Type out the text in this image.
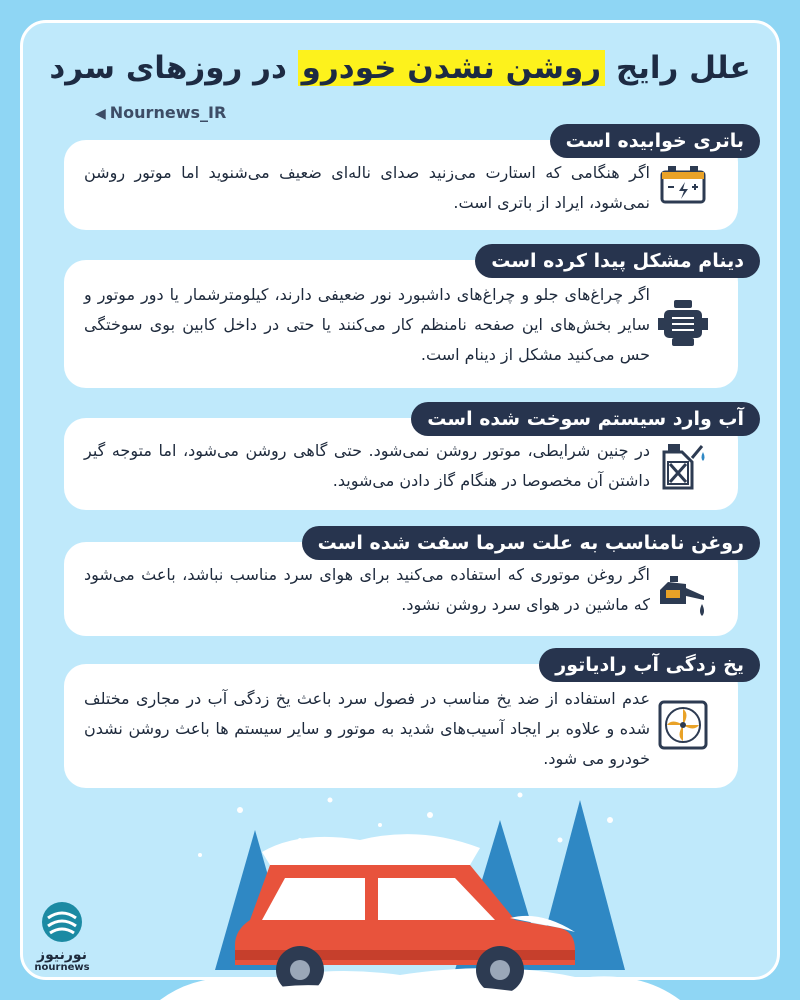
علل رایج روشن نشدن خودرو در روزهای سرد
◀ Nournews_IR
باتری خوابیده است
اگر هنگامی که استارت می‌زنید صدای ناله‌ای ضعیف می‌شنوید اما موتور روشن نمی‌شود، ایراد از باتری است.
دینام مشکل پیدا کرده است
اگر چراغ‌های جلو و چراغ‌های داشبورد نور ضعیفی دارند، کیلومترشمار یا دور موتور و سایر بخش‌های این صفحه نامنظم کار می‌کنند یا حتی در داخل کابین بوی سوختگی حس می‌کنید مشکل از دینام است.
آب وارد سیستم سوخت شده است
در چنین شرایطی، موتور روشن نمی‌شود. حتی گاهی روشن می‌شود، اما متوجه گیر داشتن آن مخصوصا در هنگام گاز دادن می‌شوید.
روغن نامناسب به علت سرما سفت شده است
اگر روغن موتوری که استفاده می‌کنید برای هوای سرد مناسب نباشد، باعث می‌شود که ماشین در هوای سرد روشن نشود.
یخ زدگی آب رادیاتور
عدم استفاده از ضد یخ مناسب در فصول سرد باعث یخ زدگی آب در مجاری مختلف شده و علاوه بر ایجاد آسیب‌های شدید به موتور و سایر سیستم ها باعث روشن نشدن خودرو می شود.
نورنیوز
nournews
